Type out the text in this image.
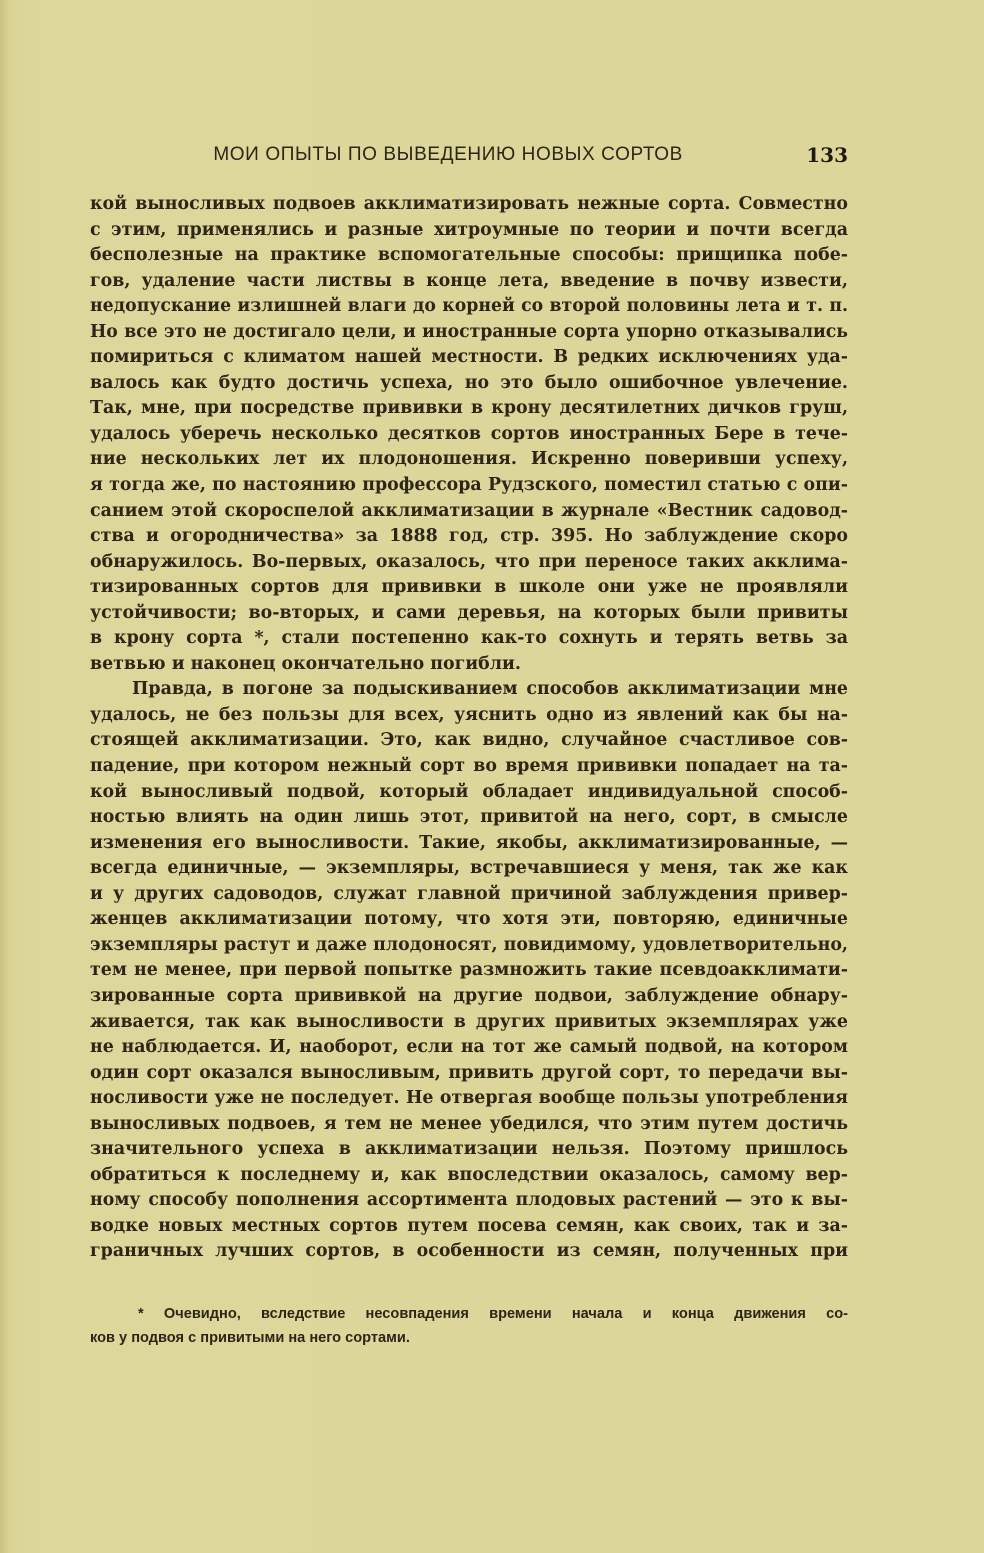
МОИ ОПЫТЫ ПО ВЫВЕДЕНИЮ НОВЫХ СОРТОВ	133
кой выносливых подвоев акклиматизировать нежные сорта. Совместно
с этим, применялись и разные хитроумные по теории и почти всегда
бесполезные на практике вспомогательные способы: прищипка побе-
гов, удаление части листвы в конце лета, введение в почву извести,
недопускание излишней влаги до корней со второй половины лета и т. п.
Но все это не достигало цели, и иностранные сорта упорно отказывались
помириться с климатом нашей местности. В редких исключениях уда-
валось как будто достичь успеха, но это было ошибочное увлечение.
Так, мне, при посредстве прививки в крону десятилетних дичков груш,
удалось уберечь несколько десятков сортов иностранных Бере в тече-
ние нескольких лет их плодоношения. Искренно поверивши успеху,
я тогда же, по настоянию профессора Рудзского, поместил статью с опи-
санием этой скороспелой акклиматизации в журнале «Вестник садовод-
ства и огородничества» за 1888 год, стр. 395. Но заблуждение скоро
обнаружилось. Во-первых, оказалось, что при переносе таких акклима-
тизированных сортов для прививки в школе они уже не проявляли
устойчивости; во-вторых, и сами деревья, на которых были привиты
в крону сорта *, стали постепенно как-то сохнуть и терять ветвь за
ветвью и наконец окончательно погибли.
Правда, в погоне за подыскиванием способов акклиматизации мне
удалось, не без пользы для всех, уяснить одно из явлений как бы на-
стоящей акклиматизации. Это, как видно, случайное счастливое сов-
падение, при котором нежный сорт во время прививки попадает на та-
кой выносливый подвой, который обладает индивидуальной способ-
ностью влиять на один лишь этот, привитой на него, сорт, в смысле
изменения его выносливости. Такие, якобы, акклиматизированные, —
всегда единичные, — экземпляры, встречавшиеся у меня, так же как
и у других садоводов, служат главной причиной заблуждения привер-
женцев акклиматизации потому, что хотя эти, повторяю, единичные
экземпляры растут и даже плодоносят, повидимому, удовлетворительно,
тем не менее, при первой попытке размножить такие псевдоакклимати-
зированные сорта прививкой на другие подвои, заблуждение обнару-
живается, так как выносливости в других привитых экземплярах уже
не наблюдается. И, наоборот, если на тот же самый подвой, на котором
один сорт оказался выносливым, привить другой сорт, то передачи вы-
носливости уже не последует. Не отвергая вообще пользы употребления
выносливых подвоев, я тем не менее убедился, что этим путем достичь
значительного успеха в акклиматизации нельзя. Поэтому пришлось
обратиться к последнему и, как впоследствии оказалось, самому вер-
ному способу пополнения ассортимента плодовых растений — это к вы-
водке новых местных сортов путем посева семян, как своих, так и за-
граничных лучших сортов, в особенности из семян, полученных при
* Очевидно, вследствие несовпадения времени начала и конца движения со-
ков у подвоя с привитыми на него сортами.
